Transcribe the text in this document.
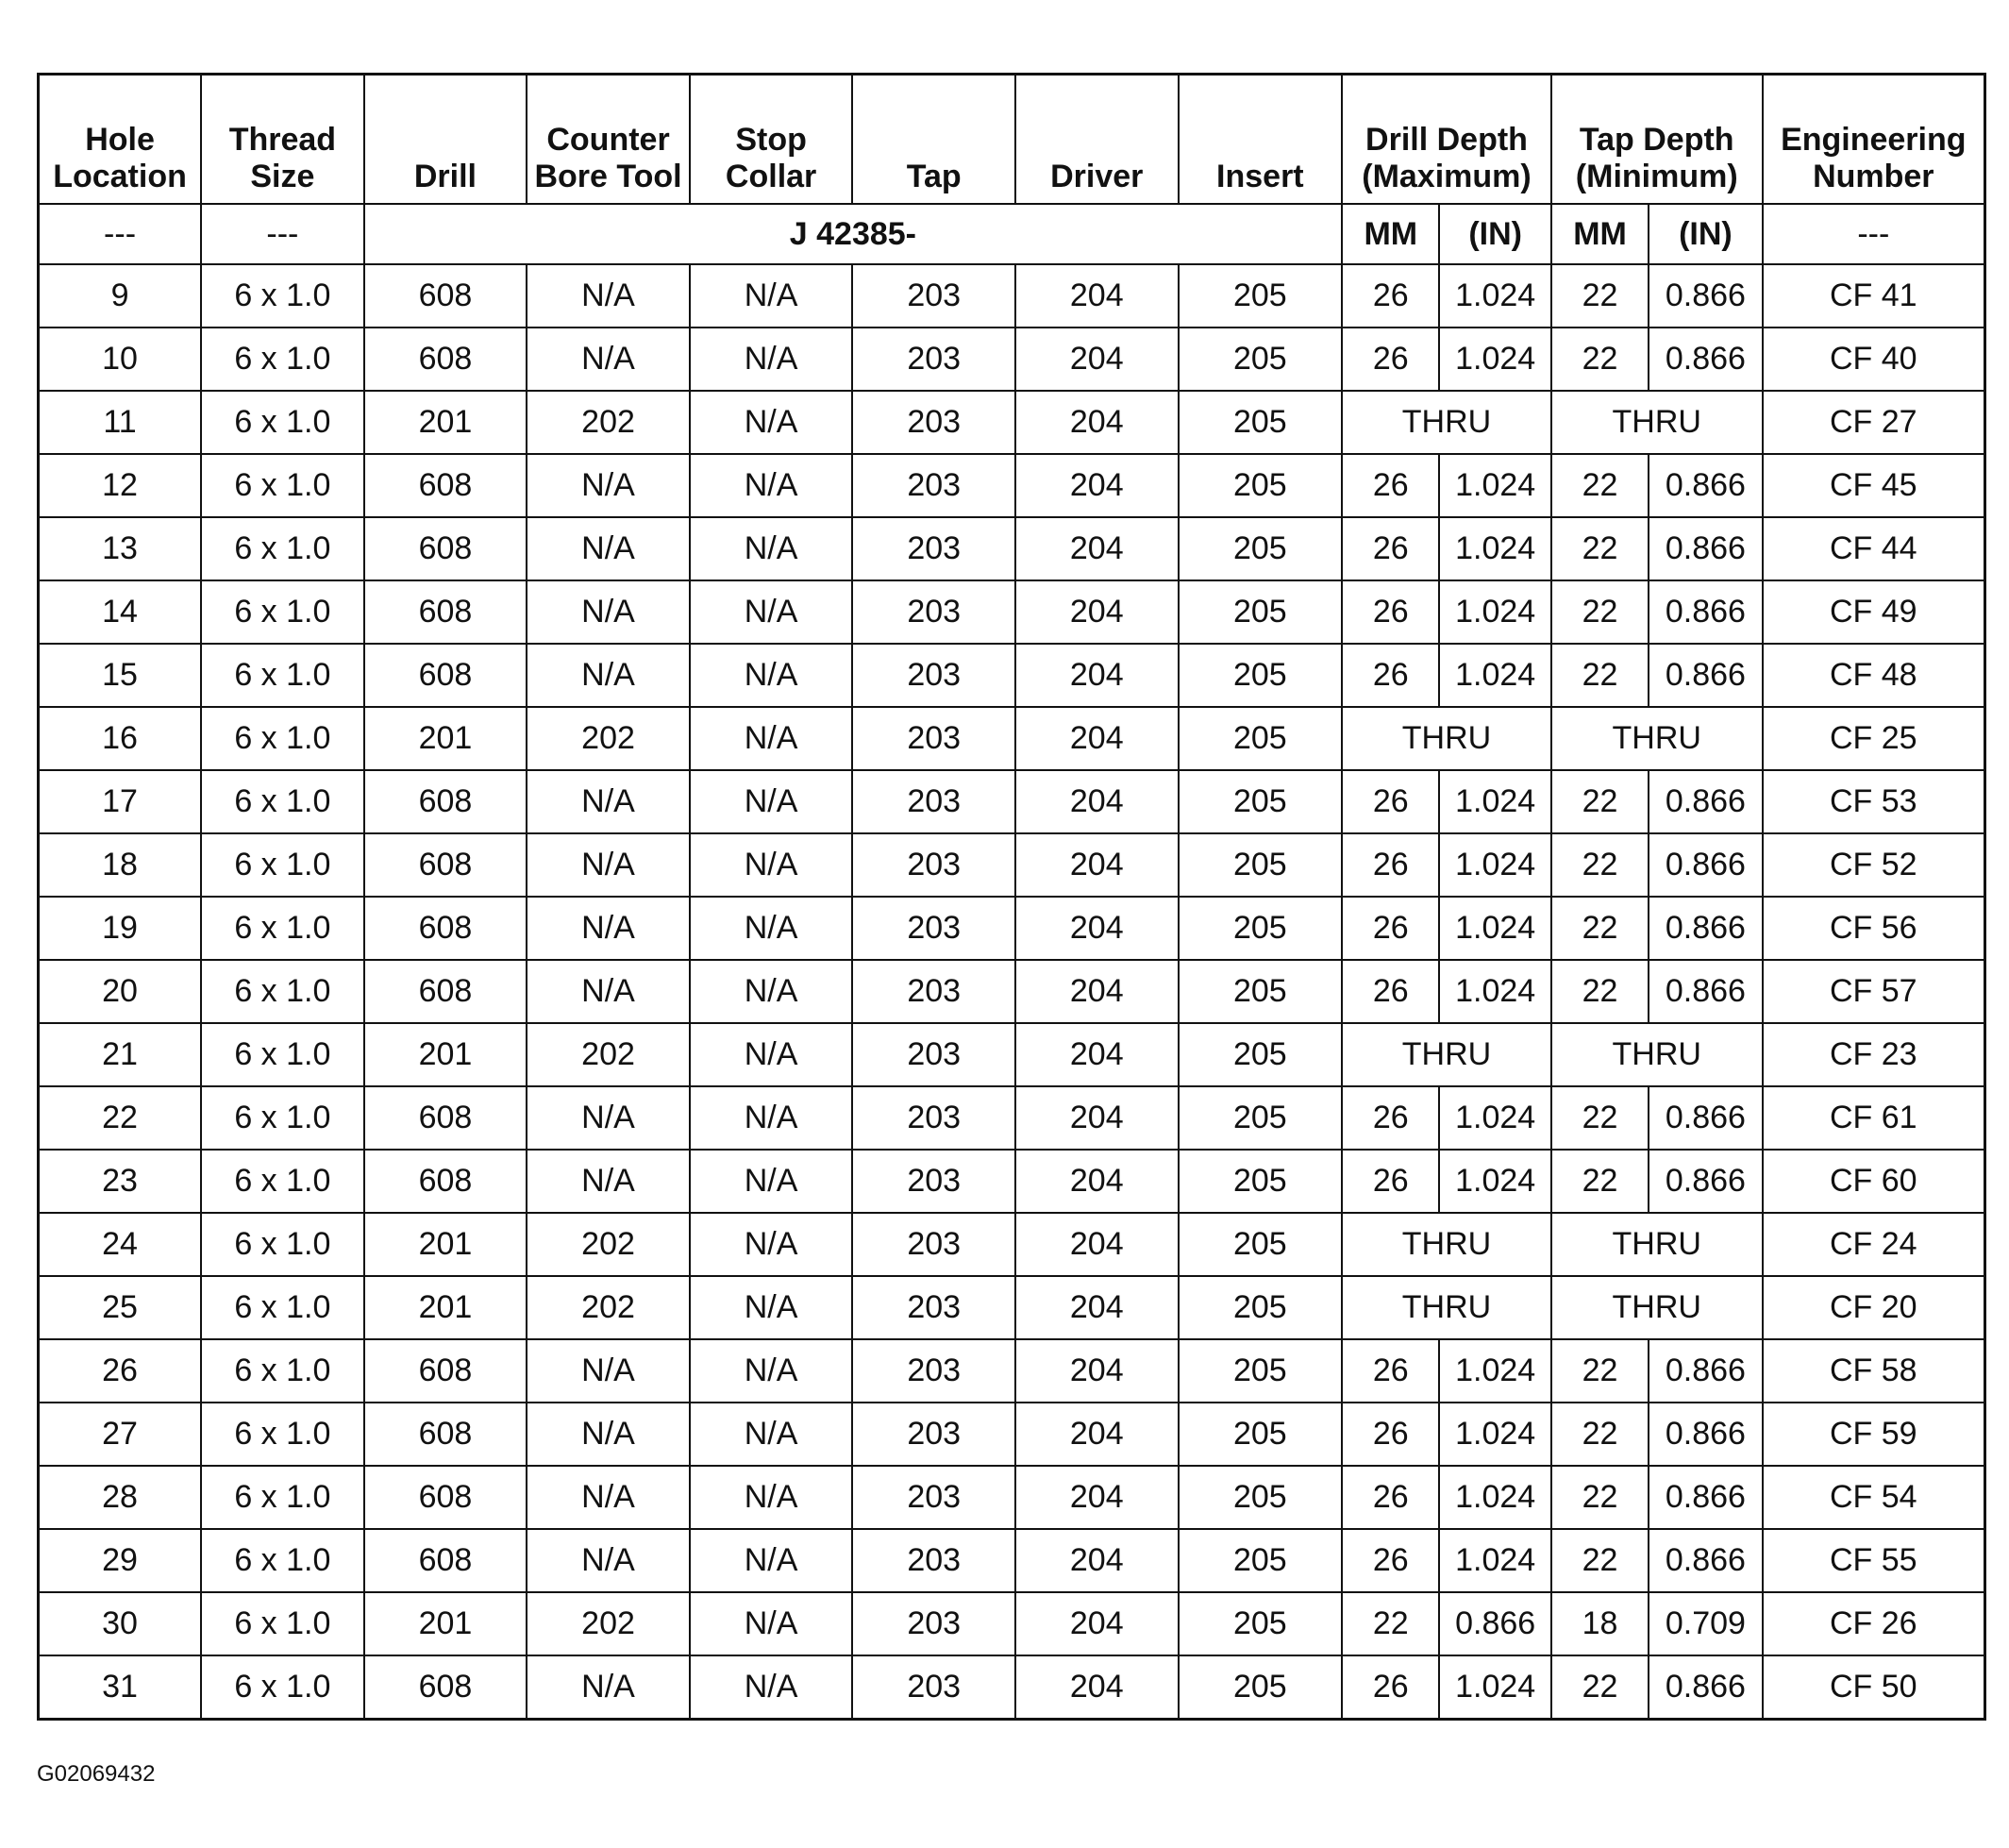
Hole Location	Thread Size	Drill	Counter Bore Tool	Stop Collar	Tap	Driver	Insert	Drill Depth (Maximum)		Tap Depth (Minimum)		Engineering Number
---	---	J 42385-						MM	(IN)	MM	(IN)	---
9	6 x 1.0	608	N/A	N/A	203	204	205	26	1.024	22	0.866	CF 41
10	6 x 1.0	608	N/A	N/A	203	204	205	26	1.024	22	0.866	CF 40
11	6 x 1.0	201	202	N/A	203	204	205	THRU		THRU		CF 27
12	6 x 1.0	608	N/A	N/A	203	204	205	26	1.024	22	0.866	CF 45
13	6 x 1.0	608	N/A	N/A	203	204	205	26	1.024	22	0.866	CF 44
14	6 x 1.0	608	N/A	N/A	203	204	205	26	1.024	22	0.866	CF 49
15	6 x 1.0	608	N/A	N/A	203	204	205	26	1.024	22	0.866	CF 48
16	6 x 1.0	201	202	N/A	203	204	205	THRU		THRU		CF 25
17	6 x 1.0	608	N/A	N/A	203	204	205	26	1.024	22	0.866	CF 53
18	6 x 1.0	608	N/A	N/A	203	204	205	26	1.024	22	0.866	CF 52
19	6 x 1.0	608	N/A	N/A	203	204	205	26	1.024	22	0.866	CF 56
20	6 x 1.0	608	N/A	N/A	203	204	205	26	1.024	22	0.866	CF 57
21	6 x 1.0	201	202	N/A	203	204	205	THRU		THRU		CF 23
22	6 x 1.0	608	N/A	N/A	203	204	205	26	1.024	22	0.866	CF 61
23	6 x 1.0	608	N/A	N/A	203	204	205	26	1.024	22	0.866	CF 60
24	6 x 1.0	201	202	N/A	203	204	205	THRU		THRU		CF 24
25	6 x 1.0	201	202	N/A	203	204	205	THRU		THRU		CF 20
26	6 x 1.0	608	N/A	N/A	203	204	205	26	1.024	22	0.866	CF 58
27	6 x 1.0	608	N/A	N/A	203	204	205	26	1.024	22	0.866	CF 59
28	6 x 1.0	608	N/A	N/A	203	204	205	26	1.024	22	0.866	CF 54
29	6 x 1.0	608	N/A	N/A	203	204	205	26	1.024	22	0.866	CF 55
30	6 x 1.0	201	202	N/A	203	204	205	22	0.866	18	0.709	CF 26
31	6 x 1.0	608	N/A	N/A	203	204	205	26	1.024	22	0.866	CF 50
G02069432
